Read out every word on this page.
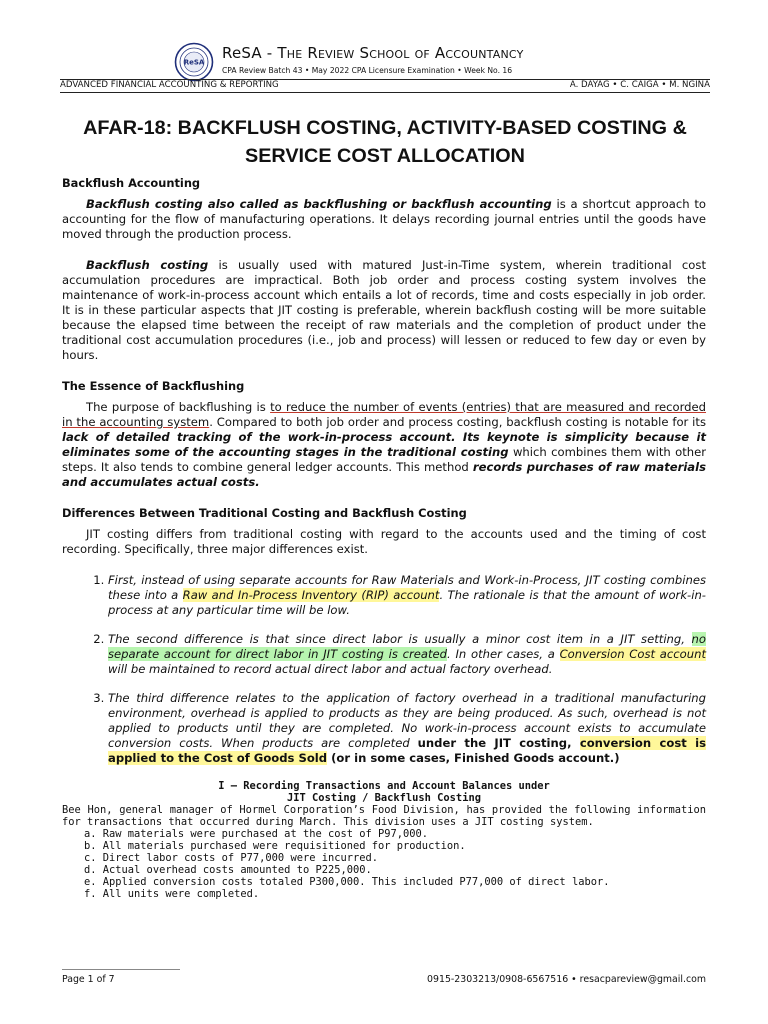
ReSA
ReSA - The Review School of Accountancy
CPA Review Batch 43 • May 2022 CPA Licensure Examination • Week No. 16
ADVANCED FINANCIAL ACCOUNTING & REPORTING	A. DAYAG • C. CAIGA • M. NGINA
AFAR-18: BACKFLUSH COSTING, ACTIVITY-BASED COSTING &
SERVICE COST ALLOCATION
Backflush Accounting

Backflush costing also called as backflushing or backflush accounting is a shortcut approach to accounting for the flow of manufacturing operations. It delays recording journal entries until the goods have moved through the production process.

Backflush costing is usually used with matured Just-in-Time system, wherein traditional cost accumulation procedures are impractical. Both job order and process costing system involves the maintenance of work-in-process account which entails a lot of records, time and costs especially in job order. It is in these particular aspects that JIT costing is preferable, wherein backflush costing will be more suitable because the elapsed time between the receipt of raw materials and the completion of product under the traditional cost accumulation procedures (i.e., job and process) will lessen or reduced to few day or even by hours.

The Essence of Backflushing

The purpose of backflushing is to reduce the number of events (entries) that are measured and recorded in the accounting system. Compared to both job order and process costing, backflush costing is notable for its lack of detailed tracking of the work-in-process account. Its keynote is simplicity because it eliminates some of the accounting stages in the traditional costing which combines them with other steps. It also tends to combine general ledger accounts. This method records purchases of raw materials and accumulates actual costs.

Differences Between Traditional Costing and Backflush Costing

JIT costing differs from traditional costing with regard to the accounts used and the timing of cost recording. Specifically, three major differences exist.

1. First, instead of using separate accounts for Raw Materials and Work-in-Process, JIT costing combines these into a Raw and In-Process Inventory (RIP) account. The rationale is that the amount of work-in-process at any particular time will be low.
2. The second difference is that since direct labor is usually a minor cost item in a JIT setting, no separate account for direct labor in JIT costing is created. In other cases, a Conversion Cost account will be maintained to record actual direct labor and actual factory overhead.
3. The third difference relates to the application of factory overhead in a traditional manufacturing environment, overhead is applied to products as they are being produced. As such, overhead is not applied to products until they are completed. No work-in-process account exists to accumulate conversion costs. When products are completed under the JIT costing, conversion cost is applied to the Cost of Goods Sold (or in some cases, Finished Goods account.)
I – Recording Transactions and Account Balances under
JIT Costing / Backflush Costing

Bee Hon, general manager of Hormel Corporation’s Food Division, has provided the following information for transactions that occurred during March. This division uses a JIT costing system.

a. Raw materials were purchased at the cost of P97,000.
b. All materials purchased were requisitioned for production.
c. Direct labor costs of P77,000 were incurred.
d. Actual overhead costs amounted to P225,000.
e. Applied conversion costs totaled P300,000. This included P77,000 of direct labor.
f. All units were completed.
Page 1 of 7	0915-2303213/0908-6567516 • resacpareview@gmail.com
